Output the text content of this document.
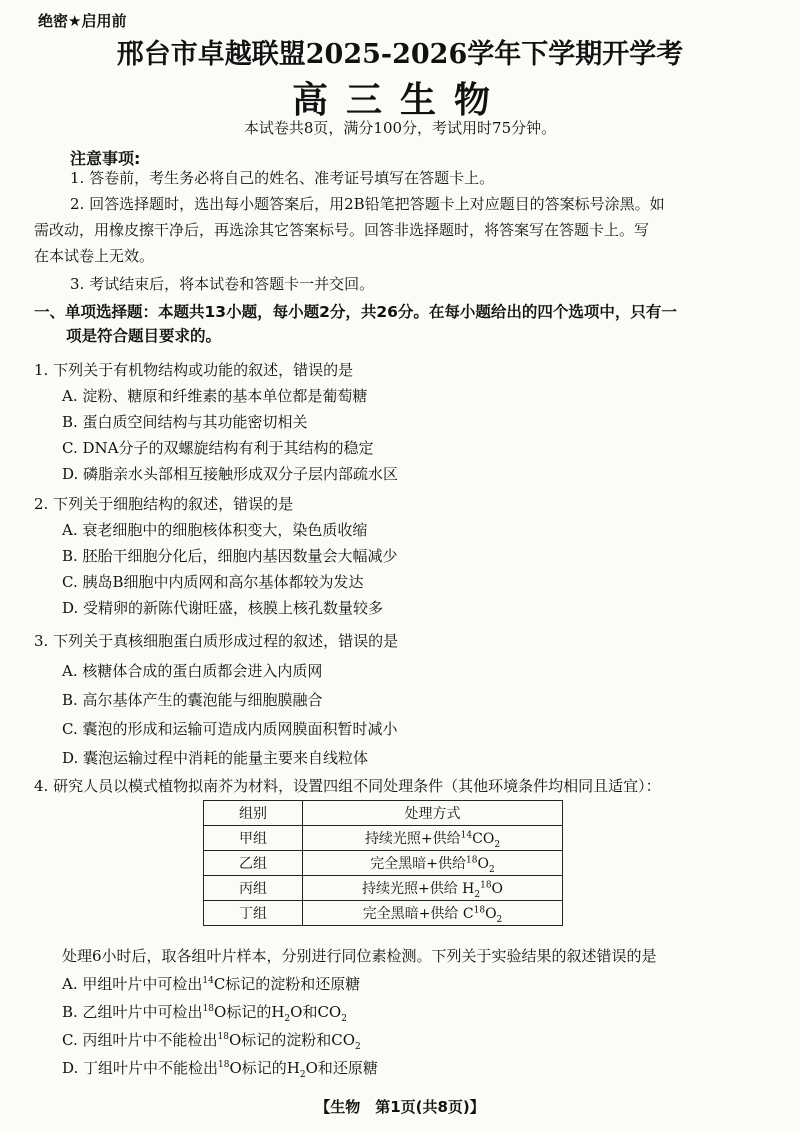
绝密★启用前
邢台市卓越联盟2025-2026学年下学期开学考
高三生物
本试卷共8页，满分100分，考试用时75分钟。
注意事项:
1. 答卷前，考生务必将自己的姓名、准考证号填写在答题卡上。
2. 回答选择题时，选出每小题答案后，用2B铅笔把答题卡上对应题目的答案标号涂黑。如
需改动，用橡皮擦干净后，再选涂其它答案标号。回答非选择题时，将答案写在答题卡上。写
在本试卷上无效。
3. 考试结束后，将本试卷和答题卡一并交回。
一、单项选择题：本题共13小题，每小题2分，共26分。在每小题给出的四个选项中，只有一
项是符合题目要求的。
1. 下列关于有机物结构或功能的叙述，错误的是
A. 淀粉、糖原和纤维素的基本单位都是葡萄糖
B. 蛋白质空间结构与其功能密切相关
C. DNA分子的双螺旋结构有利于其结构的稳定
D. 磷脂亲水头部相互接触形成双分子层内部疏水区
2. 下列关于细胞结构的叙述，错误的是
A. 衰老细胞中的细胞核体积变大，染色质收缩
B. 胚胎干细胞分化后，细胞内基因数量会大幅减少
C. 胰岛B细胞中内质网和高尔基体都较为发达
D. 受精卵的新陈代谢旺盛，核膜上核孔数量较多
3. 下列关于真核细胞蛋白质形成过程的叙述，错误的是
A. 核糖体合成的蛋白质都会进入内质网
B. 高尔基体产生的囊泡能与细胞膜融合
C. 囊泡的形成和运输可造成内质网膜面积暂时减小
D. 囊泡运输过程中消耗的能量主要来自线粒体
4. 研究人员以模式植物拟南芥为材料，设置四组不同处理条件（其他环境条件均相同且适宜）：
组别	处理方式
甲组	持续光照+供给$^{14}CO_2$
乙组	完全黑暗+供给$^{18}O_2$
丙组	持续光照+供给 $H_2^{18}O$
丁组	完全黑暗+供给 $C^{18}O_2$
处理6小时后，取各组叶片样本，分别进行同位素检测。下列关于实验结果的叙述错误的是
A. 甲组叶片中可检出$^{14}$C标记的淀粉和还原糖
B. 乙组叶片中可检出$^{18}$O标记的$H_2O$和$CO_2$
C. 丙组叶片中不能检出$^{18}$O标记的淀粉和$CO_2$
D. 丁组叶片中不能检出$^{18}$O标记的$H_2O$和还原糖
【生物　第1页(共8页)】
